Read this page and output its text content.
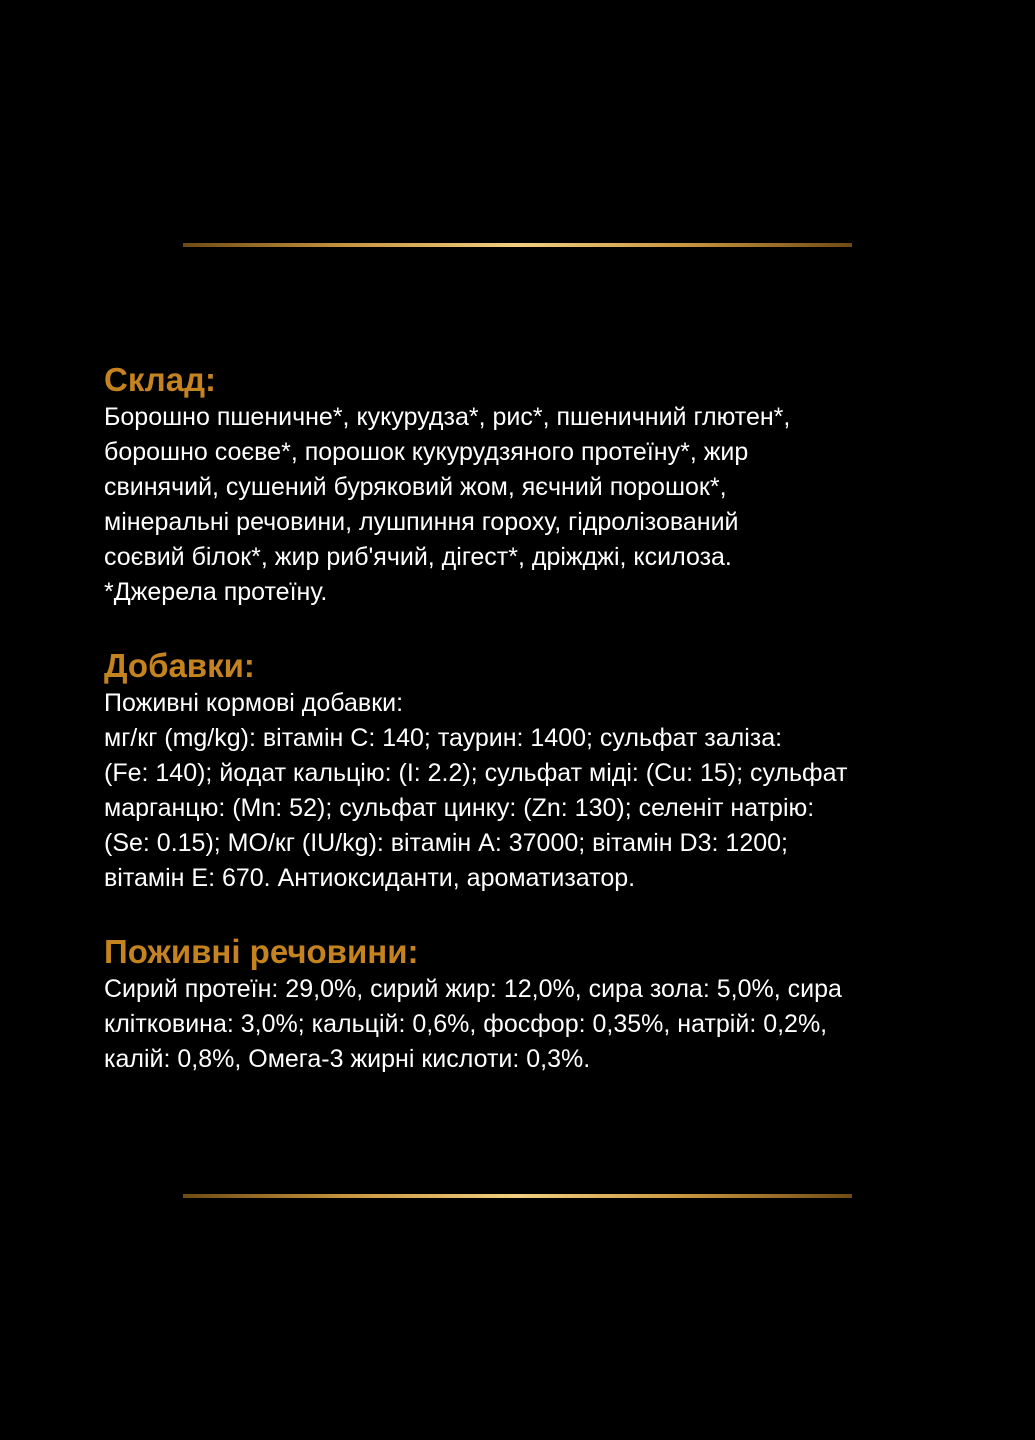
Склад:

Борошно пшеничне*, кукурудза*, рис*, пшеничний глютен*,
борошно соєве*, порошок кукурудзяного протеїну*, жир
свинячий, сушений буряковий жом, яєчний порошок*,
мінеральні речовини, лушпиння гороху, гідролізований
соєвий білок*, жир риб'ячий, дігест*, дріжджі, ксилоза.
*Джерела протеїну.

Добавки:

Поживні кормові добавки:
мг/кг (mg/kg): вітамін С: 140; таурин: 1400; сульфат заліза:
(Fe: 140); йодат кальцію: (I: 2.2); сульфат міді: (Cu: 15); сульфат
марганцю: (Mn: 52); сульфат цинку: (Zn: 130); селеніт натрію:
(Se: 0.15); МО/кг (IU/kg): вітамін А: 37000; вітамін D3: 1200;
вітамін Е: 670. Антиоксиданти, ароматизатор.

Поживні речовини:

Сирий протеїн: 29,0%, сирий жир: 12,0%, сира зола: 5,0%, сира
клітковина: 3,0%; кальцій: 0,6%, фосфор: 0,35%, натрій: 0,2%,
калій: 0,8%, Омега-3 жирні кислоти: 0,3%.
